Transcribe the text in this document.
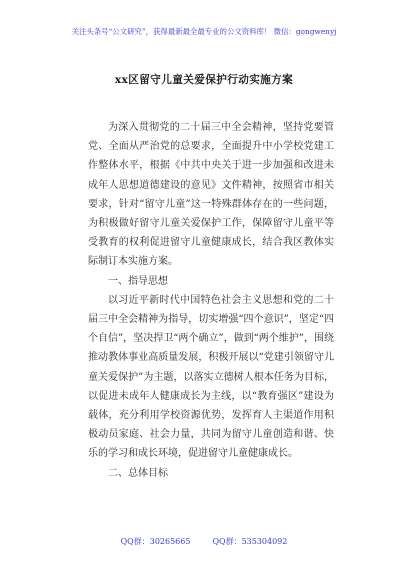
关注头条号“公文研究”，获得最新最全最专业的公文资料库！ 微信：gongwenyj
xx区留守儿童关爱保护行动实施方案

为深入贯彻党的二十届三中全会精神，坚持党要管党、全面从严治党的总要求，全面提升中小学校党建工作整体水平，根据《中共中央关于进一步加强和改进未成年人思想道德建设的意见》文件精神，按照省市相关要求，针对“留守儿童”这一特殊群体存在的一些问题，为积极做好留守儿童关爱保护工作，保障留守儿童平等受教育的权利促进留守儿童健康成长，结合我区教体实际制订本实施方案。

一、指导思想

以习近平新时代中国特色社会主义思想和党的二十届三中全会精神为指导，切实增强“四个意识”，坚定“四个自信”，坚决捍卫“两个确立”，做到“两个维护”，围绕推动教体事业高质量发展，积极开展以“党建引领留守儿童关爱保护”为主题，以落实立德树人根本任务为目标，以促进未成年人健康成长为主线，以“教育强区”建设为载体，充分利用学校资源优势，发挥育人主渠道作用积极动员家庭、社会力量，共同为留守儿童创造和谐、快乐的学习和成长环境，促进留守儿童健康成长。

二、总体目标

QQ群：30265665	QQ群：535304092
